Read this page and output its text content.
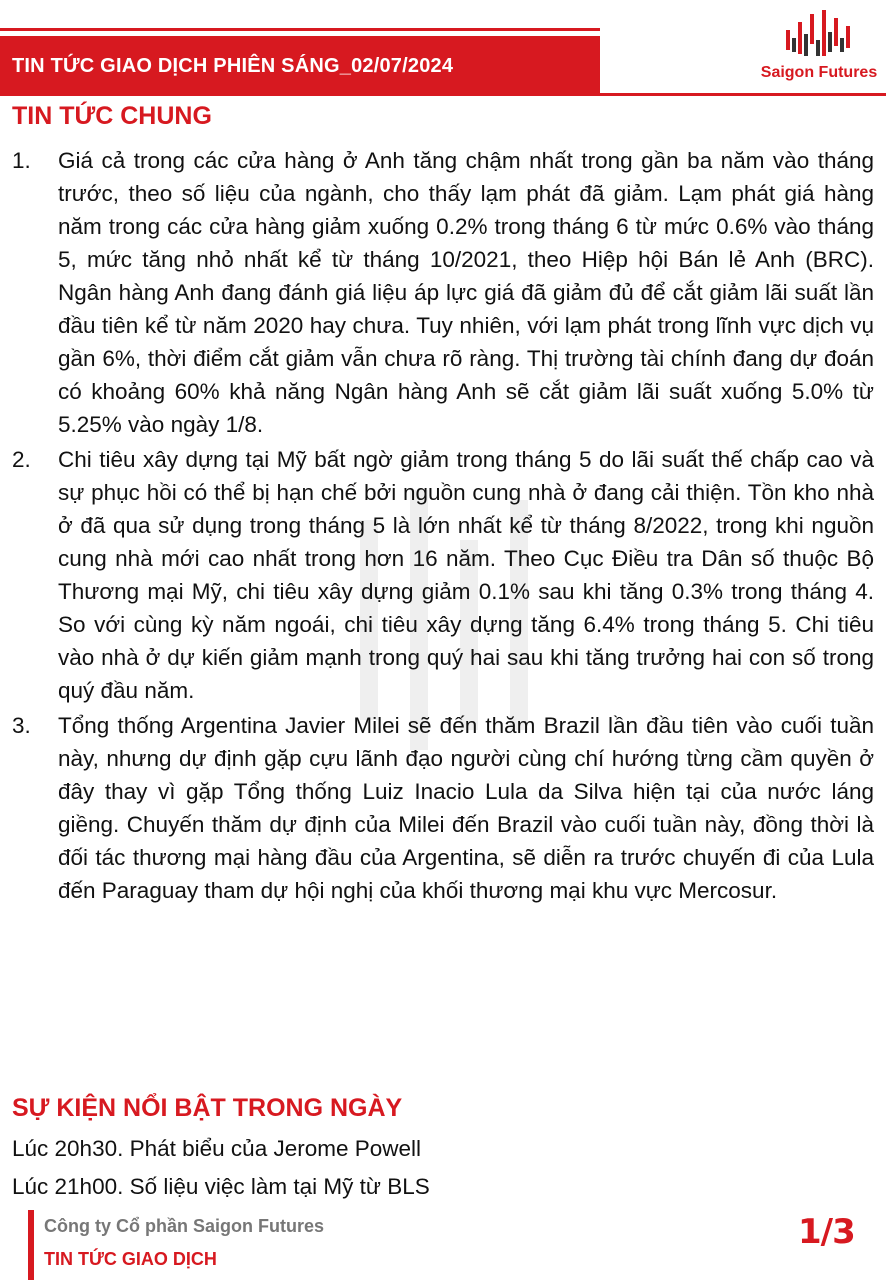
TIN TỨC GIAO DỊCH PHIÊN SÁNG_02/07/2024	Saigon Futures
TIN TỨC CHUNG
1.	Giá cả trong các cửa hàng ở Anh tăng chậm nhất trong gần ba năm vào tháng trước, theo số liệu của ngành, cho thấy lạm phát đã giảm. Lạm phát giá hàng năm trong các cửa hàng giảm xuống 0.2% trong tháng 6 từ mức 0.6% vào tháng 5, mức tăng nhỏ nhất kể từ tháng 10/2021, theo Hiệp hội Bán lẻ Anh (BRC). Ngân hàng Anh đang đánh giá liệu áp lực giá đã giảm đủ để cắt giảm lãi suất lần đầu tiên kể từ năm 2020 hay chưa. Tuy nhiên, với lạm phát trong lĩnh vực dịch vụ gần 6%, thời điểm cắt giảm vẫn chưa rõ ràng. Thị trường tài chính đang dự đoán có khoảng 60% khả năng Ngân hàng Anh sẽ cắt giảm lãi suất xuống 5.0% từ 5.25% vào ngày 1/8.
2.	Chi tiêu xây dựng tại Mỹ bất ngờ giảm trong tháng 5 do lãi suất thế chấp cao và sự phục hồi có thể bị hạn chế bởi nguồn cung nhà ở đang cải thiện. Tồn kho nhà ở đã qua sử dụng trong tháng 5 là lớn nhất kể từ tháng 8/2022, trong khi nguồn cung nhà mới cao nhất trong hơn 16 năm. Theo Cục Điều tra Dân số thuộc Bộ Thương mại Mỹ, chi tiêu xây dựng giảm 0.1% sau khi tăng 0.3% trong tháng 4. So với cùng kỳ năm ngoái, chi tiêu xây dựng tăng 6.4% trong tháng 5. Chi tiêu vào nhà ở dự kiến giảm mạnh trong quý hai sau khi tăng trưởng hai con số trong quý đầu năm.
3.	Tổng thống Argentina Javier Milei sẽ đến thăm Brazil lần đầu tiên vào cuối tuần này, nhưng dự định gặp cựu lãnh đạo người cùng chí hướng từng cầm quyền ở đây thay vì gặp Tổng thống Luiz Inacio Lula da Silva hiện tại của nước láng giềng. Chuyến thăm dự định của Milei đến Brazil vào cuối tuần này, đồng thời là đối tác thương mại hàng đầu của Argentina, sẽ diễn ra trước chuyến đi của Lula đến Paraguay tham dự hội nghị của khối thương mại khu vực Mercosur.
SỰ KIỆN NỔI BẬT TRONG NGÀY
Lúc 20h30. Phát biểu của Jerome Powell
Lúc 21h00. Số liệu việc làm tại Mỹ từ BLS
Công ty Cổ phần Saigon Futures
TIN TỨC GIAO DỊCH
1/3
